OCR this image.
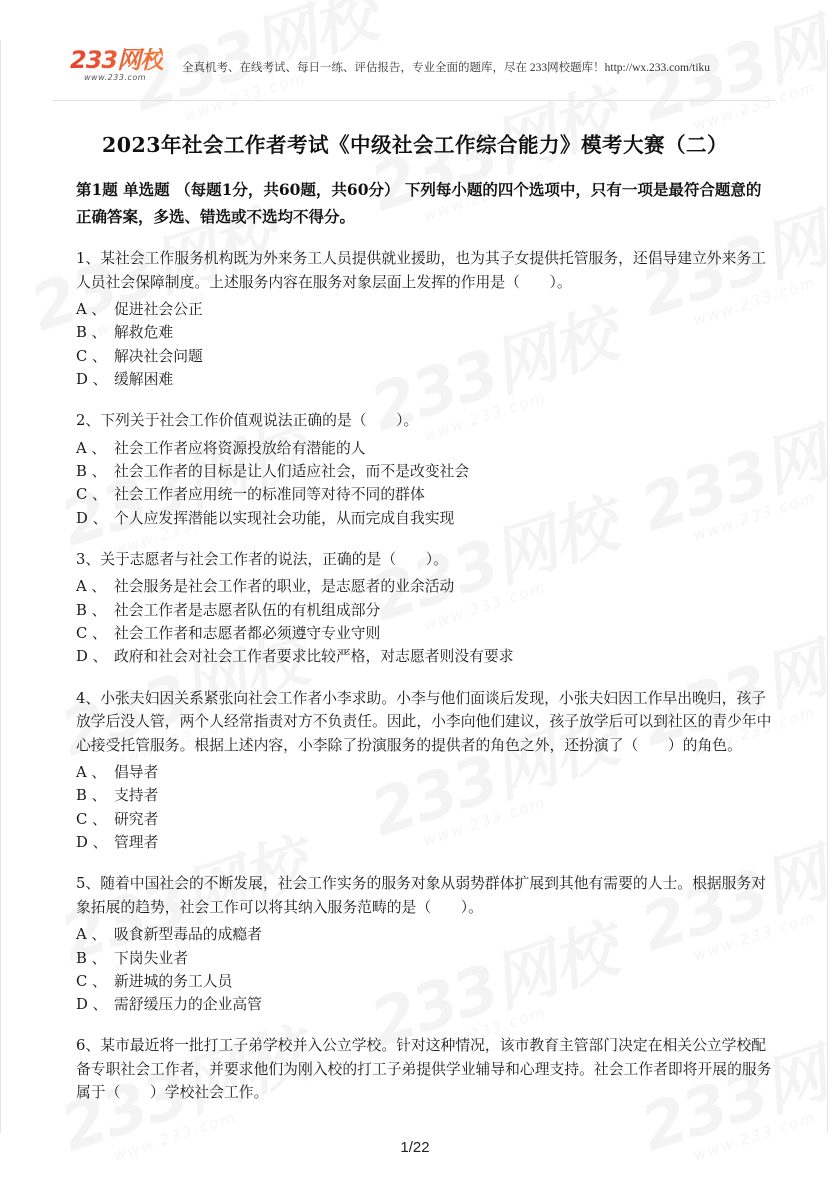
233网校
www.233.com
全真机考、在线考试、每日一练、评估报告，专业全面的题库，尽在 233网校题库！http://wx.233.com/tiku
2023年社会工作者考试《中级社会工作综合能力》模考大赛（二）

第1题 单选题 （每题1分，共60题，共60分） 下列每小题的四个选项中，只有一项是最符合题意的正确答案，多选、错选或不选均不得分。

1、某社会工作服务机构既为外来务工人员提供就业援助，也为其子女提供托管服务，还倡导建立外来务工人员社会保障制度。上述服务内容在服务对象层面上发挥的作用是（　　）。

A 、 促进社会公正
B 、 解救危难
C 、 解决社会问题
D 、 缓解困难

2、下列关于社会工作价值观说法正确的是（　　）。

A 、 社会工作者应将资源投放给有潜能的人
B 、 社会工作者的目标是让人们适应社会，而不是改变社会
C 、 社会工作者应用统一的标准同等对待不同的群体
D 、 个人应发挥潜能以实现社会功能，从而完成自我实现

3、关于志愿者与社会工作者的说法，正确的是（　　）。

A 、 社会服务是社会工作者的职业，是志愿者的业余活动
B 、 社会工作者是志愿者队伍的有机组成部分
C 、 社会工作者和志愿者都必须遵守专业守则
D 、 政府和社会对社会工作者要求比较严格，对志愿者则没有要求

4、小张夫妇因关系紧张向社会工作者小李求助。小李与他们面谈后发现，小张夫妇因工作早出晚归，孩子放学后没人管，两个人经常指责对方不负责任。因此，小李向他们建议，孩子放学后可以到社区的青少年中心接受托管服务。根据上述内容，小李除了扮演服务的提供者的角色之外，还扮演了（　　）的角色。

A 、 倡导者
B 、 支持者
C 、 研究者
D 、 管理者

5、随着中国社会的不断发展，社会工作实务的服务对象从弱势群体扩展到其他有需要的人士。根据服务对象拓展的趋势，社会工作可以将其纳入服务范畴的是（　　）。

A 、 吸食新型毒品的成瘾者
B 、 下岗失业者
C 、 新进城的务工人员
D 、 需舒缓压力的企业高管

6、某市最近将一批打工子弟学校并入公立学校。针对这种情况，该市教育主管部门决定在相关公立学校配备专职社会工作者，并要求他们为刚入校的打工子弟提供学业辅导和心理支持。社会工作者即将开展的服务属于（　　）学校社会工作。

1/22
